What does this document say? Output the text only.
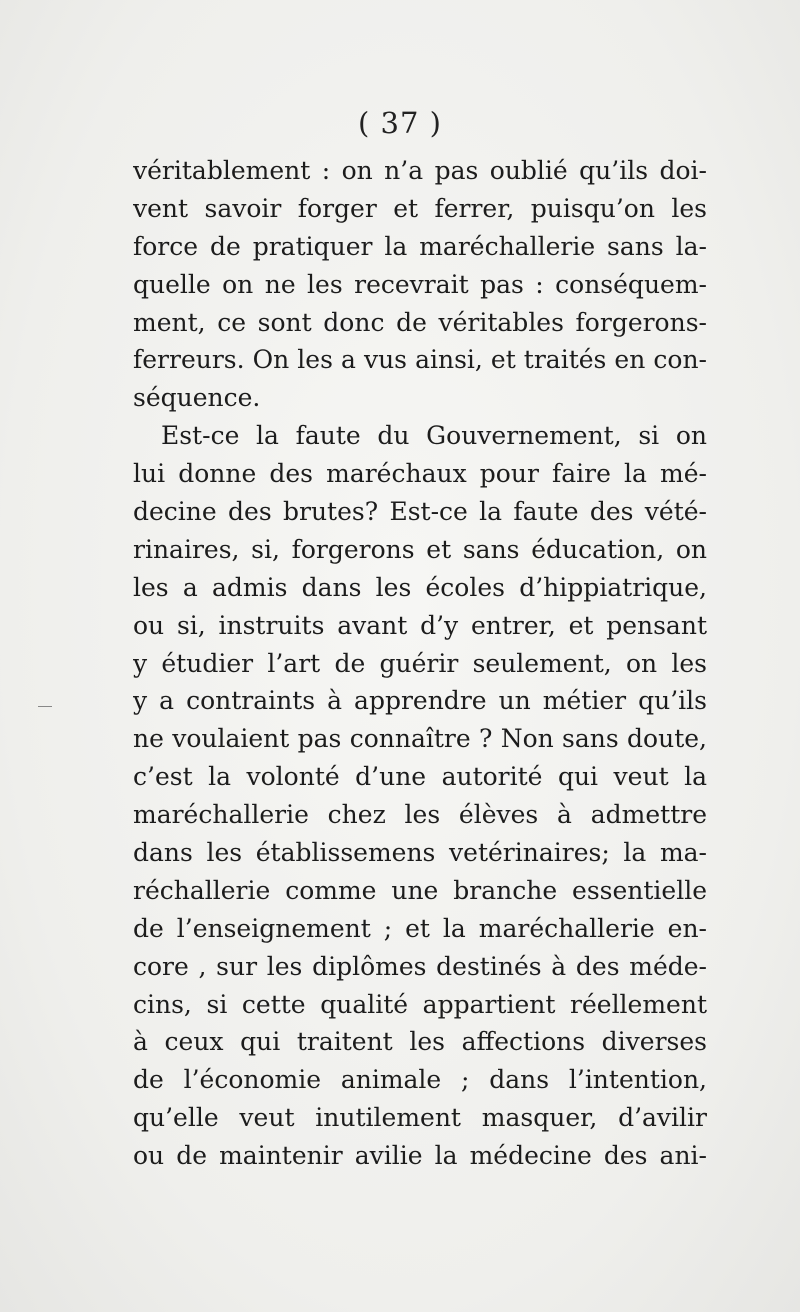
( 37 )
véritablement : on n’a pas oublié qu’ils doi-
vent savoir forger et ferrer, puisqu’on les
force de pratiquer la maréchallerie sans la-
quelle on ne les recevrait pas : conséquem-
ment, ce sont donc de véritables forgerons-
ferreurs. On les a vus ainsi, et traités en con-
séquence.
Est-ce la faute du Gouvernement, si on
lui donne des maréchaux pour faire la mé-
decine des brutes? Est-ce la faute des vété-
rinaires, si, forgerons et sans éducation, on
les a admis dans les écoles d’hippiatrique,
ou si, instruits avant d’y entrer, et pensant
y étudier l’art de guérir seulement, on les
y a contraints à apprendre un métier qu’ils
ne voulaient pas connaître ? Non sans doute,
c’est la volonté d’une autorité qui veut la
maréchallerie chez les élèves à admettre
dans les établissemens vetérinaires; la ma-
réchallerie comme une branche essentielle
de l’enseignement ; et la maréchallerie en-
core , sur les diplômes destinés à des méde-
cins, si cette qualité appartient réellement
à ceux qui traitent les affections diverses
de l’économie animale ; dans l’intention,
qu’elle veut inutilement masquer, d’avilir
ou de maintenir avilie la médecine des ani-
